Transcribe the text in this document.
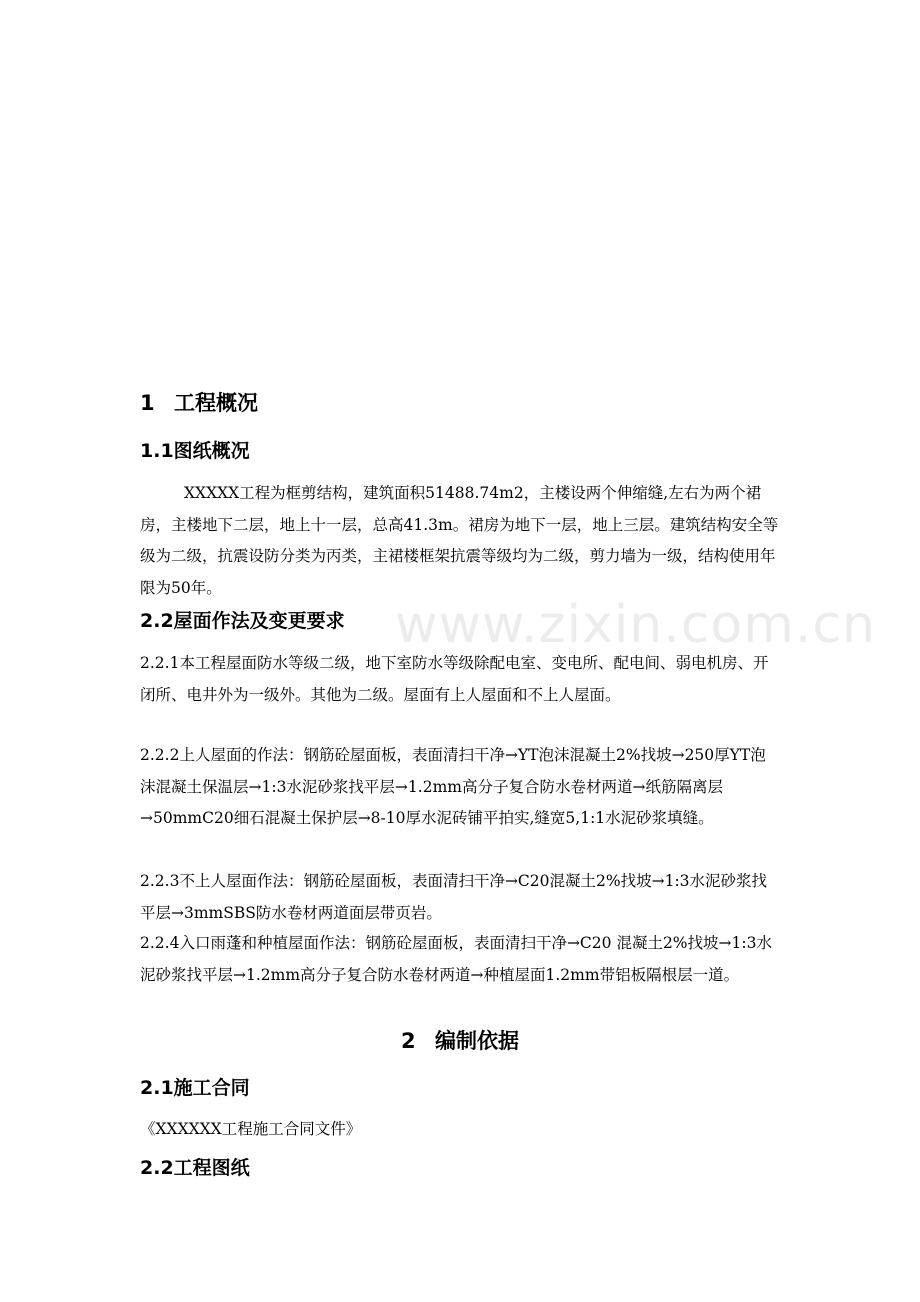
www.zixin.com.cn
1 工程概况
1.1图纸概况
XXXXX工程为框剪结构，建筑面积51488.74m2，主楼设两个伸缩缝,左右为两个裙房，主楼地下二层，地上十一层，总高41.3m。裙房为地下一层，地上三层。建筑结构安全等级为二级，抗震设防分类为丙类，主裙楼框架抗震等级均为二级，剪力墙为一级，结构使用年限为50年。
2.2屋面作法及变更要求
2.2.1本工程屋面防水等级二级，地下室防水等级除配电室、变电所、配电间、弱电机房、开闭所、电井外为一级外。其他为二级。屋面有上人屋面和不上人屋面。
2.2.2上人屋面的作法：钢筋砼屋面板，表面清扫干净→YT泡沫混凝土2%找坡→250厚YT泡沫混凝土保温层→1:3水泥砂浆找平层→1.2mm高分子复合防水卷材两道→纸筋隔离层→50mmC20细石混凝土保护层→8-10厚水泥砖铺平拍实,缝宽5,1:1水泥砂浆填缝。
2.2.3不上人屋面作法：钢筋砼屋面板，表面清扫干净→C20混凝土2%找坡→1:3水泥砂浆找平层→3mmSBS防水卷材两道面层带页岩。
2.2.4入口雨蓬和种植屋面作法：钢筋砼屋面板，表面清扫干净→C20 混凝土2%找坡→1:3水泥砂浆找平层→1.2mm高分子复合防水卷材两道→种植屋面1.2mm带铝板隔根层一道。
2 编制依据
2.1施工合同
《XXXXXX工程施工合同文件》
2.2工程图纸
